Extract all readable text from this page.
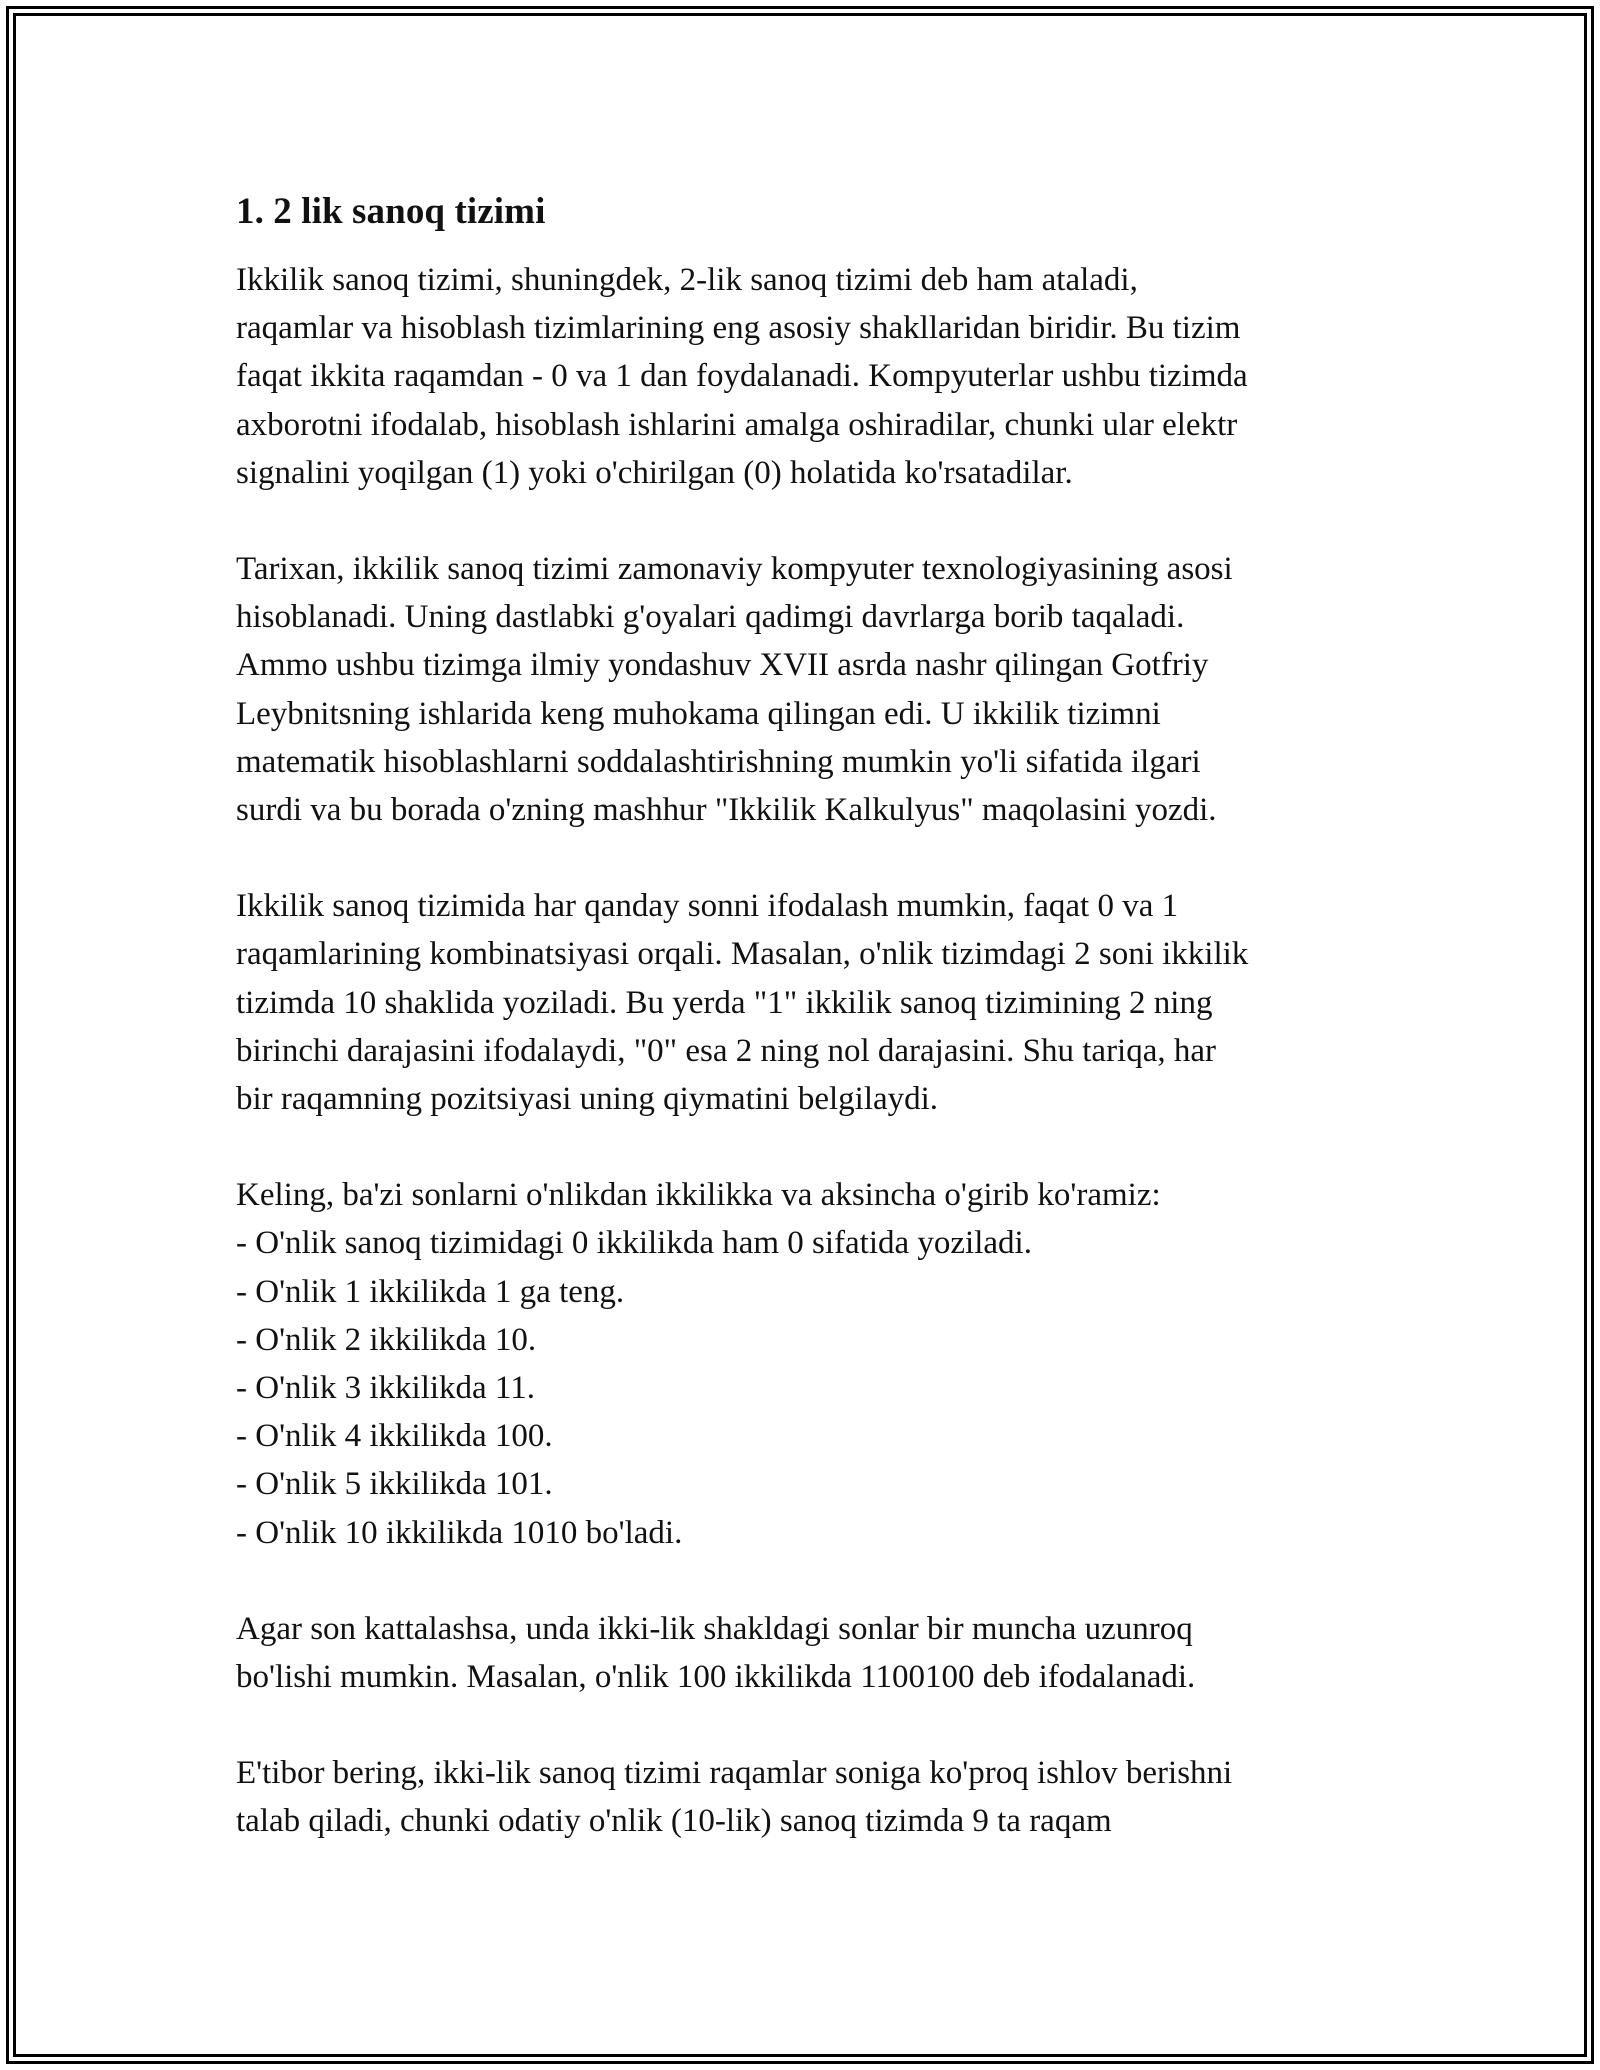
1. 2 lik sanoq tizimi

Ikkilik sanoq tizimi, shuningdek, 2-lik sanoq tizimi deb ham ataladi,
raqamlar va hisoblash tizimlarining eng asosiy shakllaridan biridir. Bu tizim
faqat ikkita raqamdan - 0 va 1 dan foydalanadi. Kompyuterlar ushbu tizimda
axborotni ifodalab, hisoblash ishlarini amalga oshiradilar, chunki ular elektr
signalini yoqilgan (1) yoki o'chirilgan (0) holatida ko'rsatadilar.

Tarixan, ikkilik sanoq tizimi zamonaviy kompyuter texnologiyasining asosi
hisoblanadi. Uning dastlabki g'oyalari qadimgi davrlarga borib taqaladi.
Ammo ushbu tizimga ilmiy yondashuv XVII asrda nashr qilingan Gotfriy
Leybnitsning ishlarida keng muhokama qilingan edi. U ikkilik tizimni
matematik hisoblashlarni soddalashtirishning mumkin yo'li sifatida ilgari
surdi va bu borada o'zning mashhur "Ikkilik Kalkulyus" maqolasini yozdi.

Ikkilik sanoq tizimida har qanday sonni ifodalash mumkin, faqat 0 va 1
raqamlarining kombinatsiyasi orqali. Masalan, o'nlik tizimdagi 2 soni ikkilik
tizimda 10 shaklida yoziladi. Bu yerda "1" ikkilik sanoq tizimining 2 ning
birinchi darajasini ifodalaydi, "0" esa 2 ning nol darajasini. Shu tariqa, har
bir raqamning pozitsiyasi uning qiymatini belgilaydi.

Keling, ba'zi sonlarni o'nlikdan ikkilikka va aksincha o'girib ko'ramiz:
- O'nlik sanoq tizimidagi 0 ikkilikda ham 0 sifatida yoziladi.
- O'nlik 1 ikkilikda 1 ga teng.
- O'nlik 2 ikkilikda 10.
- O'nlik 3 ikkilikda 11.
- O'nlik 4 ikkilikda 100.
- O'nlik 5 ikkilikda 101.
- O'nlik 10 ikkilikda 1010 bo'ladi.

Agar son kattalashsa, unda ikki-lik shakldagi sonlar bir muncha uzunroq
bo'lishi mumkin. Masalan, o'nlik 100 ikkilikda 1100100 deb ifodalanadi.

E'tibor bering, ikki-lik sanoq tizimi raqamlar soniga ko'proq ishlov berishni
talab qiladi, chunki odatiy o'nlik (10-lik) sanoq tizimda 9 ta raqam
